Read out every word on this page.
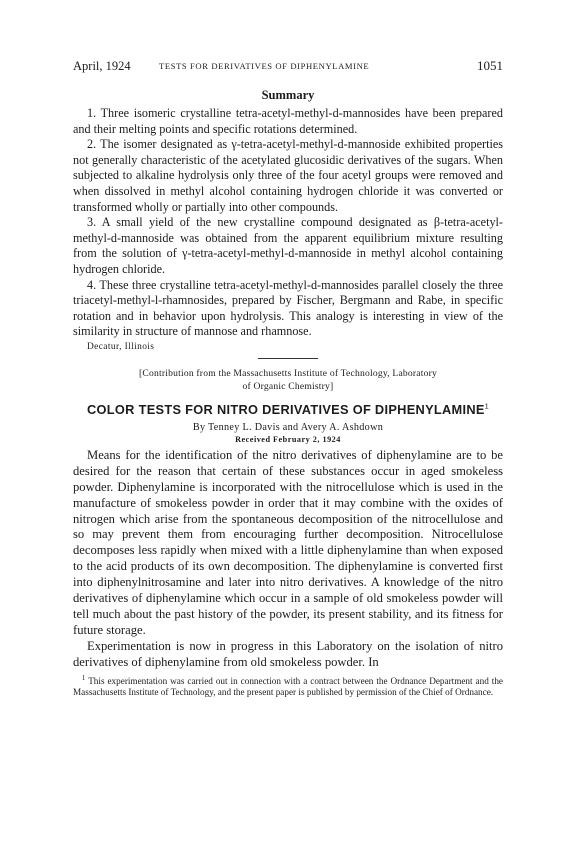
April, 1924	TESTS FOR DERIVATIVES OF DIPHENYLAMINE	1051
Summary

1. Three isomeric crystalline tetra-acetyl-methyl-d-mannosides have been prepared and their melting points and specific rotations determined.

2. The isomer designated as γ-tetra-acetyl-methyl-d-mannoside exhibited properties not generally characteristic of the acetylated glucosidic derivatives of the sugars. When subjected to alkaline hydrolysis only three of the four acetyl groups were removed and when dissolved in methyl alcohol containing hydrogen chloride it was converted or transformed wholly or partially into other compounds.

3. A small yield of the new crystalline compound designated as β-tetra-acetyl-methyl-d-mannoside was obtained from the apparent equilibrium mixture resulting from the solution of γ-tetra-acetyl-methyl-d-mannoside in methyl alcohol containing hydrogen chloride.

4. These three crystalline tetra-acetyl-methyl-d-mannosides parallel closely the three triacetyl-methyl-l-rhamnosides, prepared by Fischer, Bergmann and Rabe, in specific rotation and in behavior upon hydrolysis. This analogy is interesting in view of the similarity in structure of mannose and rhamnose.

Decatur, Illinois
[Contribution from the Massachusetts Institute of Technology, Laboratory
of Organic Chemistry]
COLOR TESTS FOR NITRO DERIVATIVES OF DIPHENYLAMINE$^1$
By Tenney L. Davis and Avery A. Ashdown
Received February 2, 1924

Means for the identification of the nitro derivatives of diphenylamine are to be desired for the reason that certain of these substances occur in aged smokeless powder. Diphenylamine is incorporated with the nitrocellulose which is used in the manufacture of smokeless powder in order that it may combine with the oxides of nitrogen which arise from the spontaneous decomposition of the nitrocellulose and so may prevent them from encouraging further decomposition. Nitrocellulose decomposes less rapidly when mixed with a little diphenylamine than when exposed to the acid products of its own decomposition. The diphenylamine is converted first into diphenylnitrosamine and later into nitro derivatives. A knowledge of the nitro derivatives of diphenylamine which occur in a sample of old smokeless powder will tell much about the past history of the powder, its present stability, and its fitness for future storage.

Experimentation is now in progress in this Laboratory on the isolation of nitro derivatives of diphenylamine from old smokeless powder. In

$^1$ This experimentation was carried out in connection with a contract between the Ordnance Department and the Massachusetts Institute of Technology, and the present paper is published by permission of the Chief of Ordnance.
